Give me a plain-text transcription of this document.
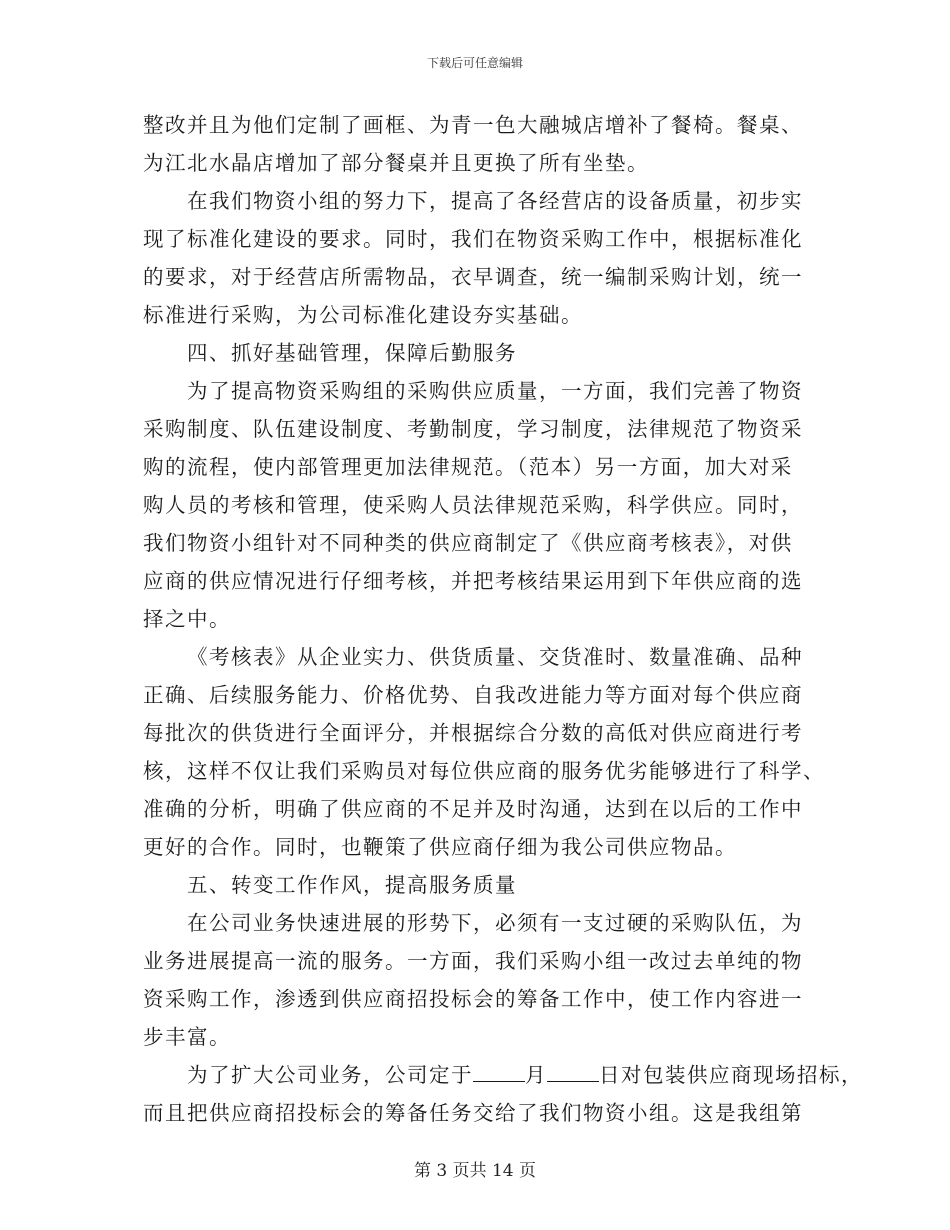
下载后可任意编辑
整改并且为他们定制了画框、为青一色大融城店增补了餐椅。餐桌、
为江北水晶店增加了部分餐桌并且更换了所有坐垫。
在我们物资小组的努力下，提高了各经营店的设备质量，初步实
现了标准化建设的要求。同时，我们在物资采购工作中，根据标准化
的要求，对于经营店所需物品，衣早调查，统一编制采购计划，统一
标准进行采购，为公司标准化建设夯实基础。
四、抓好基础管理，保障后勤服务
为了提高物资采购组的采购供应质量，一方面，我们完善了物资
采购制度、队伍建设制度、考勤制度，学习制度，法律规范了物资采
购的流程，使内部管理更加法律规范。（范本）另一方面，加大对采
购人员的考核和管理，使采购人员法律规范采购，科学供应。同时，
我们物资小组针对不同种类的供应商制定了《供应商考核表》，对供
应商的供应情况进行仔细考核，并把考核结果运用到下年供应商的选
择之中。
《考核表》从企业实力、供货质量、交货准时、数量准确、品种
正确、后续服务能力、价格优势、自我改进能力等方面对每个供应商
每批次的供货进行全面评分，并根据综合分数的高低对供应商进行考
核，这样不仅让我们采购员对每位供应商的服务优劣能够进行了科学、
准确的分析，明确了供应商的不足并及时沟通，达到在以后的工作中
更好的合作。同时，也鞭策了供应商仔细为我公司供应物品。
五、转变工作作风，提高服务质量
在公司业务快速进展的形势下，必须有一支过硬的采购队伍，为
业务进展提高一流的服务。一方面，我们采购小组一改过去单纯的物
资采购工作，渗透到供应商招投标会的筹备工作中，使工作内容进一
步丰富。
为了扩大公司业务，公司定于	月	日对包装供应商现场招标，
而且把供应商招投标会的筹备任务交给了我们物资小组。这是我组第
第 3 页共 14 页
